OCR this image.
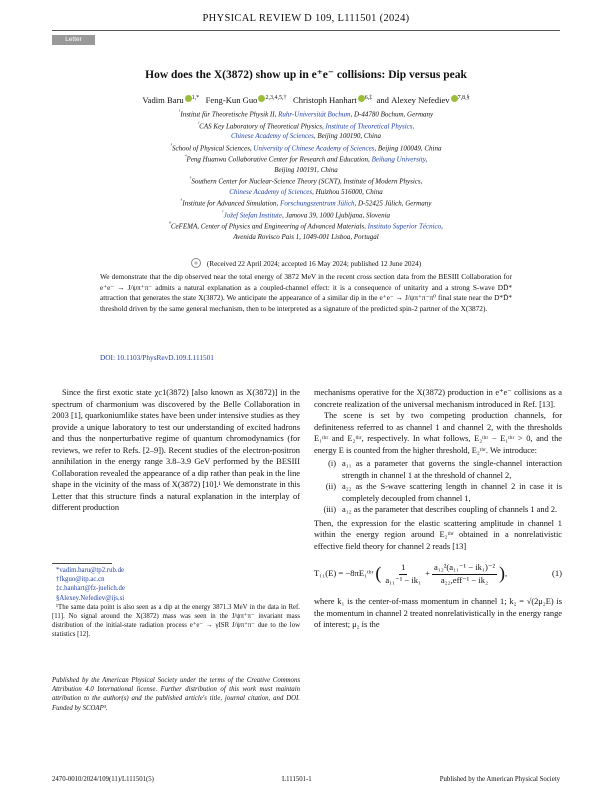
PHYSICAL REVIEW D 109, L111501 (2024)
Letter
How does the X(3872) show up in e⁺e⁻ collisions: Dip versus peak
Vadim Baru $^{1,*}$ Feng-Kun Guo $^{2,3,4,5,\dagger}$ Christoph Hanhart $^{6,\ddagger}$  and Alexey Nefediev $^{7,8,\S}$
$^{^1}$Institut für Theoretische Physik II, Ruhr-Universität Bochum, D-44780 Bochum, Germany
$^{^2}$CAS Key Laboratory of Theoretical Physics, Institute of Theoretical Physics,
Chinese Academy of Sciences, Beijing 100190, China
$^{^3}$School of Physical Sciences, University of Chinese Academy of Sciences, Beijing 100049, China
$^{^4}$Peng Huanwu Collaborative Center for Research and Education, Beihang University,
Beijing 100191, China
$^{^5}$Southern Center for Nuclear-Science Theory (SCNT), Institute of Modern Physics,
Chinese Academy of Sciences, Huizhou 516000, China
$^{^6}$Institute for Advanced Simulation, Forschungszentrum Jülich, D-52425 Jülich, Germany
$^{^7}$Jožef Stefan Institute, Jamova 39, 1000 Ljubljana, Slovenia
$^{^8}$CeFEMA, Center of Physics and Engineering of Advanced Materials, Instituto Superior Técnico,
Avenida Rovisco Pais 1, 1049-001 Lisboa, Portugal
(Received 22 April 2024; accepted 16 May 2024; published 12 June 2024)
We demonstrate that the dip observed near the total energy of 3872 MeV in the recent cross section data from the BESIII Collaboration for e⁺e⁻ → J/ψπ⁺π⁻ admits a natural explanation as a coupled-channel effect: it is a consequence of unitarity and a strong S-wave DD̄* attraction that generates the state X(3872). We anticipate the appearance of a similar dip in the e⁺e⁻ → J/ψπ⁺π⁻π⁰ final state near the D*D̄* threshold driven by the same general mechanism, then to be interpreted as a signature of the predicted spin-2 partner of the X(3872).
DOI: 10.1103/PhysRevD.109.L111501

Since the first exotic state χc1(3872) [also known as X(3872)] in the spectrum of charmonium was discovered by the Belle Collaboration in 2003 [1], quarkoniumlike states have been under intensive studies as they provide a unique laboratory to test our understanding of excited hadrons and thus the nonperturbative regime of quantum chromodynamics (for reviews, we refer to Refs. [2–9]). Recent studies of the electron-positron annihilation in the energy range 3.8–3.9 GeV performed by the BESIII Collaboration revealed the appearance of a dip rather than peak in the line shape in the vicinity of the mass of X(3872) [10].¹ We demonstrate in this Letter that this structure finds a natural explanation in the interplay of different production

*vadim.baru@tp2.rub.de
†fkguo@itp.ac.cn
‡c.hanhart@fz-juelich.de
§Alexey.Nefediev@ijs.si
¹The same data point is also seen as a dip at the energy 3871.3 MeV in the data in Ref. [11]. No signal around the X(3872) mass was seen in the J/ψπ⁺π⁻ invariant mass distribution of the initial-state radiation process e⁺e⁻ → γISR J/ψπ⁺π⁻ due to the low statistics [12].
Published by the American Physical Society under the terms of the Creative Commons Attribution 4.0 International license. Further distribution of this work must maintain attribution to the author(s) and the published article's title, journal citation, and DOI. Funded by SCOAP³.

mechanisms operative for the X(3872) production in e⁺e⁻ collisions as a concrete realization of the universal mechanism introduced in Ref. [13].

The scene is set by two competing production channels, for definiteness referred to as channel 1 and channel 2, with the thresholds E₁ᵗʰʳ and E₂ᵗʰʳ, respectively. In what follows, E₂ᵗʰʳ − E₁ᵗʰʳ > 0, and the energy E is counted from the higher threshold, E₂ᵗʰʳ. We introduce:

(i) a₁₁ as a parameter that governs the single-channel interaction strength in channel 1 at the threshold of channel 2,
(ii) a₂₂ as the S-wave scattering length in channel 2 in case it is completely decoupled from channel 1,
(iii) a₁₂ as the parameter that describes coupling of channels 1 and 2.

Then, the expression for the elastic scattering amplitude in channel 1 within the energy region around E₂ᵗʰʳ obtained in a nonrelativistic effective field theory for channel 2 reads [13]

T₁₁(E) = −8πE₁ᵗʰʳ ( $\frac{1}{\text{a₁₁⁻¹ − ik₁}} + \frac{\text{a₁₂²(a₁₁⁻¹ − ik₁)⁻²}}{\text{a₂₂,eff⁻¹ − ik₂}}$ ) ,	(1)

where k₁ is the center-of-mass momentum in channel 1; k₂ = √(2μ₂E) is the momentum in channel 2 treated nonrelativistically in the energy range of interest; μ₂ is the

2470-0010/2024/109(11)/L111501(5)	L111501-1	Published by the American Physical Society
